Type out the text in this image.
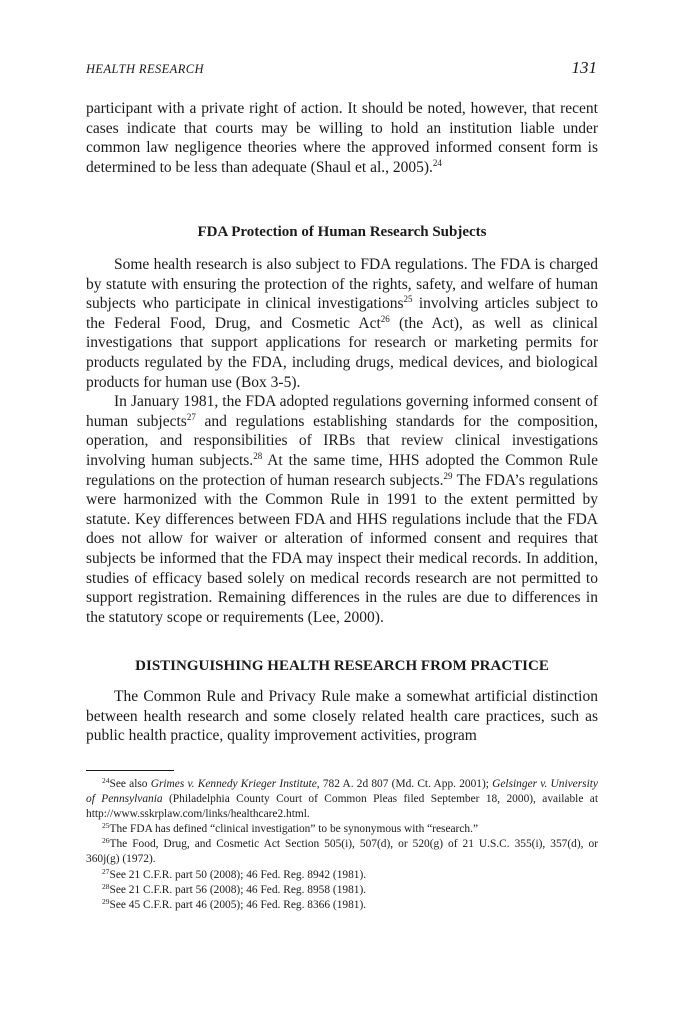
HEALTH RESEARCH	131

participant with a private right of action. It should be noted, however, that recent cases indicate that courts may be willing to hold an institution liable under common law negligence theories where the approved informed consent form is determined to be less than adequate (Shaul et al., 2005).$^{24}$

FDA Protection of Human Research Subjects

Some health research is also subject to FDA regulations. The FDA is charged by statute with ensuring the protection of the rights, safety, and welfare of human subjects who participate in clinical investigations$^{25}$ involving articles subject to the Federal Food, Drug, and Cosmetic Act$^{26}$ (the Act), as well as clinical investigations that support applications for research or marketing permits for products regulated by the FDA, including drugs, medical devices, and biological products for human use (Box 3-5).

In January 1981, the FDA adopted regulations governing informed consent of human subjects$^{27}$ and regulations establishing standards for the composition, operation, and responsibilities of IRBs that review clinical investigations involving human subjects.$^{28}$ At the same time, HHS adopted the Common Rule regulations on the protection of human research subjects.$^{29}$ The FDA’s regulations were harmonized with the Common Rule in 1991 to the extent permitted by statute. Key differences between FDA and HHS regulations include that the FDA does not allow for waiver or alteration of informed consent and requires that subjects be informed that the FDA may inspect their medical records. In addition, studies of efficacy based solely on medical records research are not permitted to support registration. Remaining differences in the rules are due to differences in the statutory scope or requirements (Lee, 2000).

DISTINGUISHING HEALTH RESEARCH FROM PRACTICE

The Common Rule and Privacy Rule make a somewhat artificial distinction between health research and some closely related health care practices, such as public health practice, quality improvement activities, program

$^{24}$See also Grimes v. Kennedy Krieger Institute, 782 A. 2d 807 (Md. Ct. App. 2001); Gelsinger v. University of Pennsylvania (Philadelphia County Court of Common Pleas filed September 18, 2000), available at http://www.sskrplaw.com/links/healthcare2.html.

$^{25}$The FDA has defined “clinical investigation” to be synonymous with “research.”

$^{26}$The Food, Drug, and Cosmetic Act Section 505(i), 507(d), or 520(g) of 21 U.S.C. 355(i), 357(d), or 360j(g) (1972).

$^{27}$See 21 C.F.R. part 50 (2008); 46 Fed. Reg. 8942 (1981).

$^{28}$See 21 C.F.R. part 56 (2008); 46 Fed. Reg. 8958 (1981).

$^{29}$See 45 C.F.R. part 46 (2005); 46 Fed. Reg. 8366 (1981).
